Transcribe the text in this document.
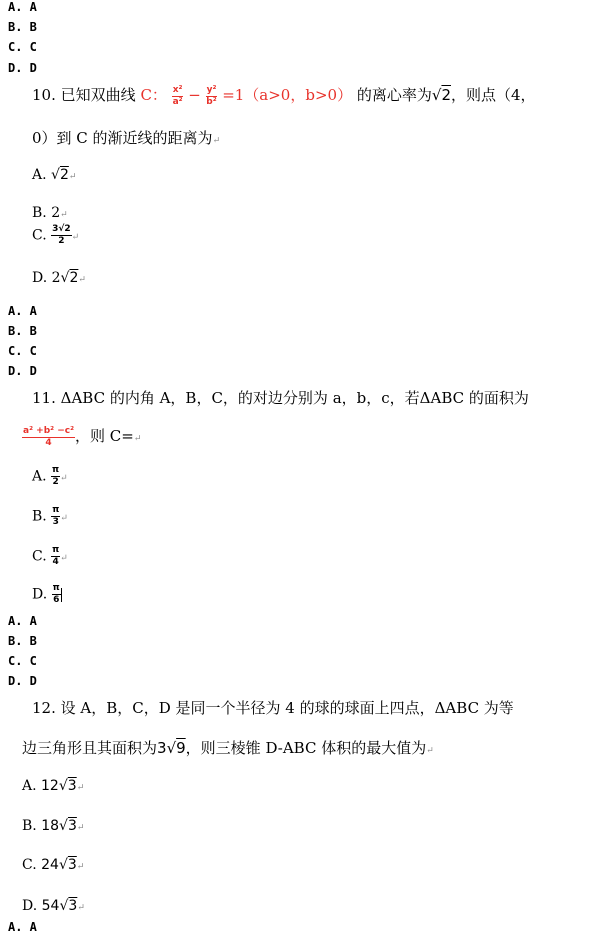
A. A
B. B
C. C
D. D
10. 已知双曲线 C： $\frac{\text{x²}}{\text{a²}} - \frac{\text{y²}}{\text{b²}} =1(a>0$，b>0） 的离心率为√2，则点（4，
0）到 C 的渐近线的距离为↵
A. √2↵
B. 2↵
C. $\frac{3√2}{2}$ ↵
D. 2√2↵
A. A
B. B
C. C
D. D
11. ΔABC 的内角 A，B，C，的对边分别为 a，b，c，若ΔABC 的面积为
$\frac{\text{a² +b² −c²}}{4}$ ，则 C=↵
A. $\frac{\pi}{2}$ ↵
B. $\frac{\pi}{3}$ ↵
C. $\frac{\pi}{4}$ ↵
D. $\frac{\pi}{6}$
A. A
B. B
C. C
D. D
12. 设 A，B，C，D 是同一个半径为 4 的球的球面上四点，ΔABC 为等
边三角形且其面积为3√9，则三棱锥 D-ABC 体积的最大值为↵
A. 12√3↵
B. 18√3↵
C. 24√3↵
D. 54√3↵
A. A
